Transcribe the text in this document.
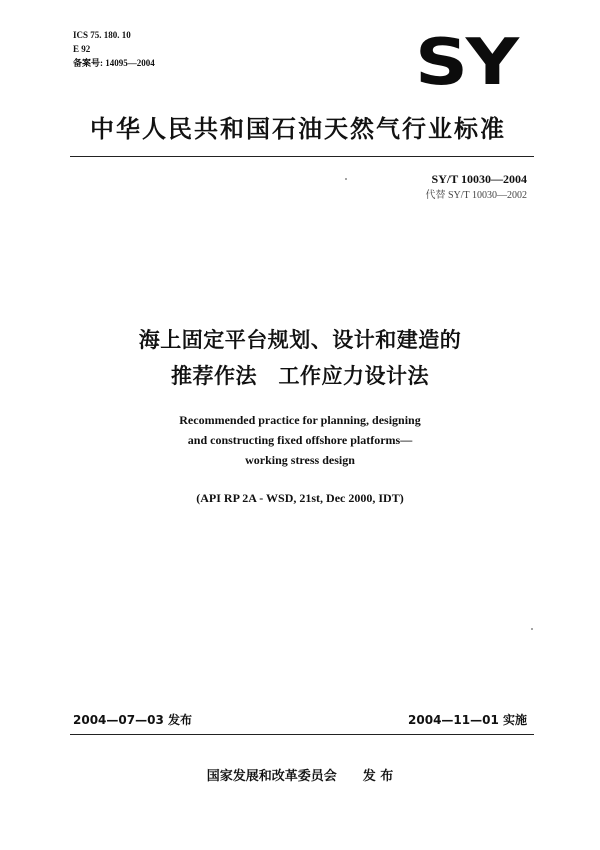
ICS 75. 180. 10
E 92
备案号: 14095—2004	SY
中华人民共和国石油天然气行业标准
SY/T 10030—2004
代替 SY/T 10030—2002
海上固定平台规划、设计和建造的
推荐作法　工作应力设计法
Recommended practice for planning, designing
and constructing fixed offshore platforms—
working stress design
(API RP 2A - WSD, 21st, Dec 2000, IDT)
2004—07—03 发布	2004—11—01 实施
国家发展和改革委员会　　发 布
